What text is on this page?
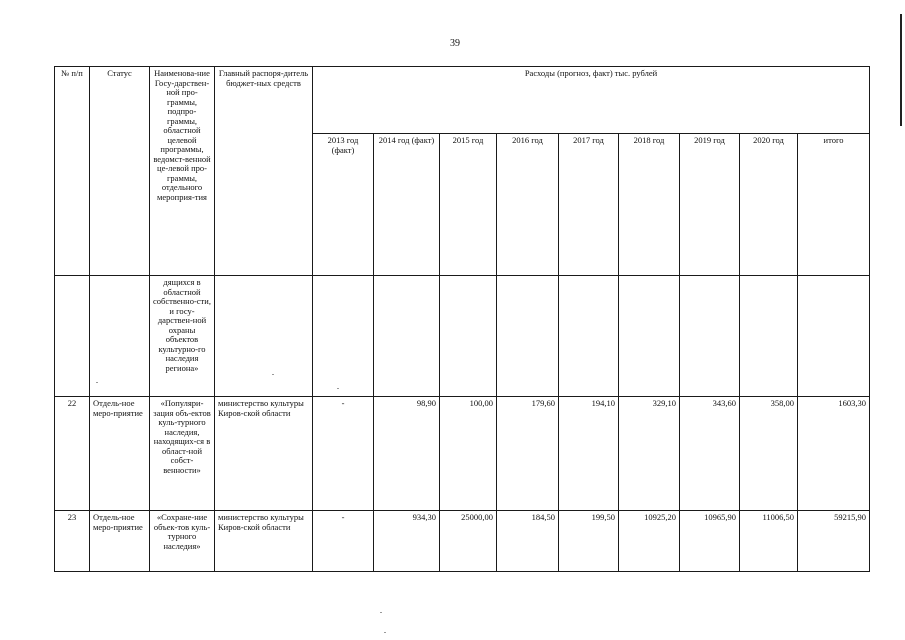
39
№ п/п	Статус	Наименова-ние Госу-дарствен-ной про-граммы, подпро-граммы, областной целевой программы, ведомст-венной це-левой про-граммы, отдельного мероприя-тия	Главный распоря-дитель бюджет-ных средств	Расходы (прогноз, факт) тыс. рублей								
				2013 год (факт)	2014 год (факт)	2015 год	2016 год	2017 год	2018 год	2019 год	2020 год	итого
		дящихся в областной собственно-сти, и госу-дарствен-ной охраны объектов культурно-го наследия региона»										
22	Отдель-ное меро-приятие	«Популяри-зация объ-ектов куль-турного наследия, находящих-ся в област-ной собст-венности»	министерство культуры Киров-ской области	-	98,90	100,00	179,60	194,10	329,10	343,60	358,00	1603,30
23	Отдель-ное меро-приятие	«Сохране-ние объек-тов куль-турного наследия»	министерство культуры Киров-ской области	-	934,30	25000,00	184,50	199,50	10925,20	10965,90	11006,50	59215,90
